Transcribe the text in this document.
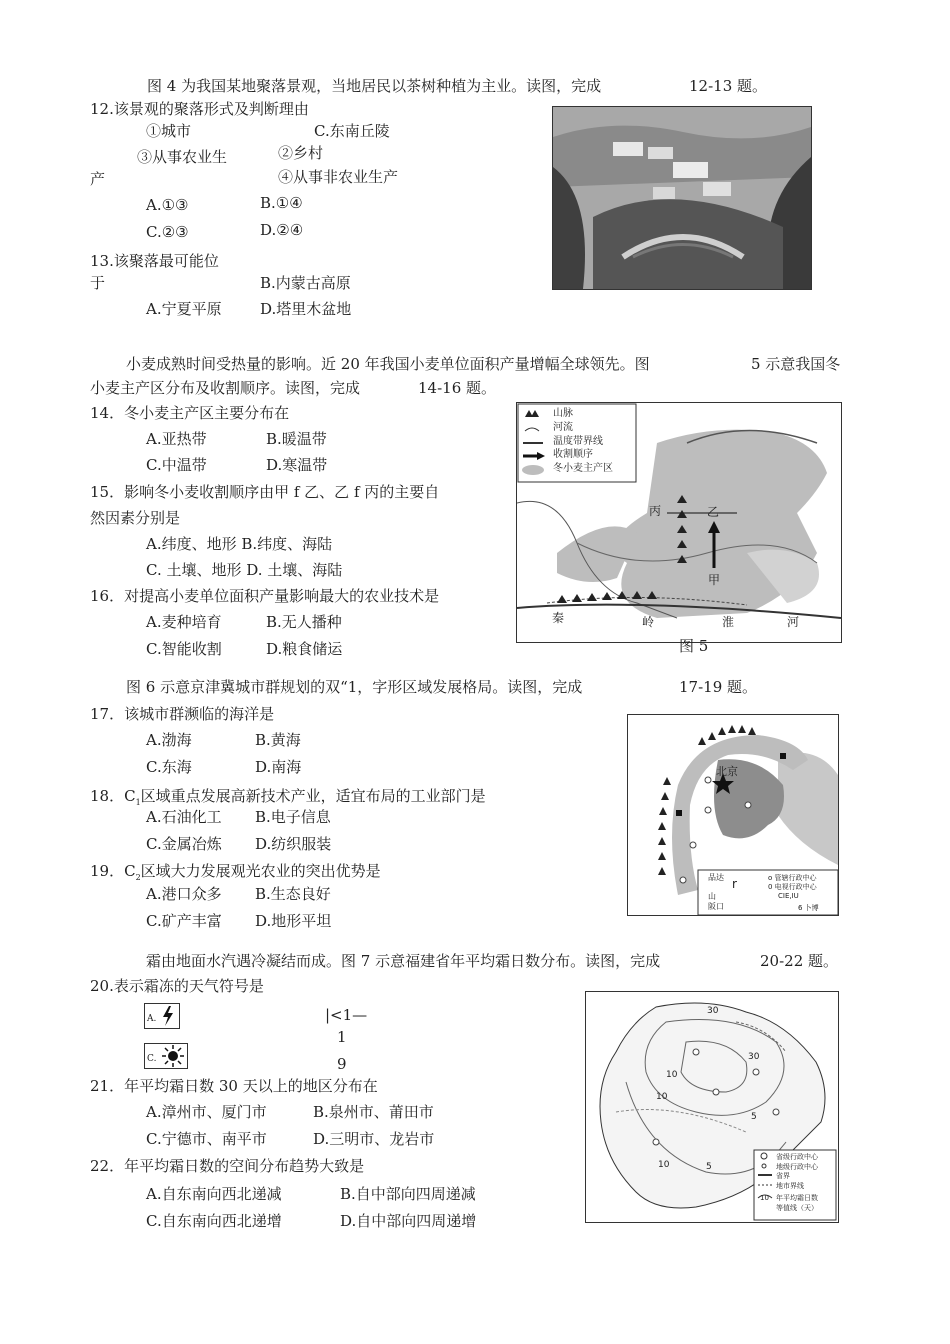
图 4 为我国某地聚落景观，当地居民以茶树种植为主业。读图，完成	12-13 题。
12.该景观的聚落形式及判断理由
①城市	C.东南丘陵
②乡村
③从事农业生
产	④从事非农业生产
A.①③	B.①④
C.②③	D.②④
13.该聚落最可能位
于	B.内蒙古高原
A.宁夏平原	D.塔里木盆地
小麦成熟时间受热量的影响。近 20 年我国小麦单位面积产量增幅全球领先。图	5 示意我国冬
小麦主产区分布及收割顺序。读图，完成	14-16 题。
14．冬小麦主产区主要分布在
A.亚热带	B.暖温带
C.中温带	D.寒温带
15．影响冬小麦收割顺序由甲 f 乙、乙 f 丙的主要自
然因素分别是
A.纬度、地形 B.纬度、海陆
C. 土壤、地形 D. 土壤、海陆
16．对提高小麦单位面积产量影响最大的农业技术是
A.麦种培育	B.无人播种
C.智能收割	D.粮食储运
山脉
河流
温度带界线
收割顺序
冬小麦主产区
丙	乙
甲
秦	岭	淮	河
图 5
图 6 示意京津冀城市群规划的双“1，字形区域发展格局。读图，完成	17-19 题。
17．该城市群濒临的海洋是
A.渤海	B.黄海
C.东海	D.南海
18．$C_1$区域重点发展高新技术产业，适宜布局的工业部门是
A.石油化工 B.电子信息
C.金属冶炼 D.纺织服装
19．$C_2$区域大力发展观光农业的突出优势是
A.港口众多 B.生态良好
C.矿产丰富 D.地形平坦
北京
品达 r
山
阪口
o 管辖行政中心
0 电视行政中心
CIE,IU
6 卜博
霜由地面水汽遇冷凝结而成。图 7 示意福建省年平均霜日数分布。读图，完成	20-22 题。
20.表示霜冻的天气符号是
A.
C.
|<1—
1
9
21．年平均霜日数 30 天以上的地区分布在
A.漳州市、厦门市	B.泉州市、莆田市
C.宁德市、南平市	D.三明市、龙岩市
22．年平均霜日数的空间分布趋势大致是
A.自东南向西北递减	B.自中部向四周递减
C.自东南向西北递增	D.自中部向四周递增
30
10
30
5
10
10	5
省级行政中心
地级行政中心
省界
地市界线
10 年平均霜日数
等值线（天）
